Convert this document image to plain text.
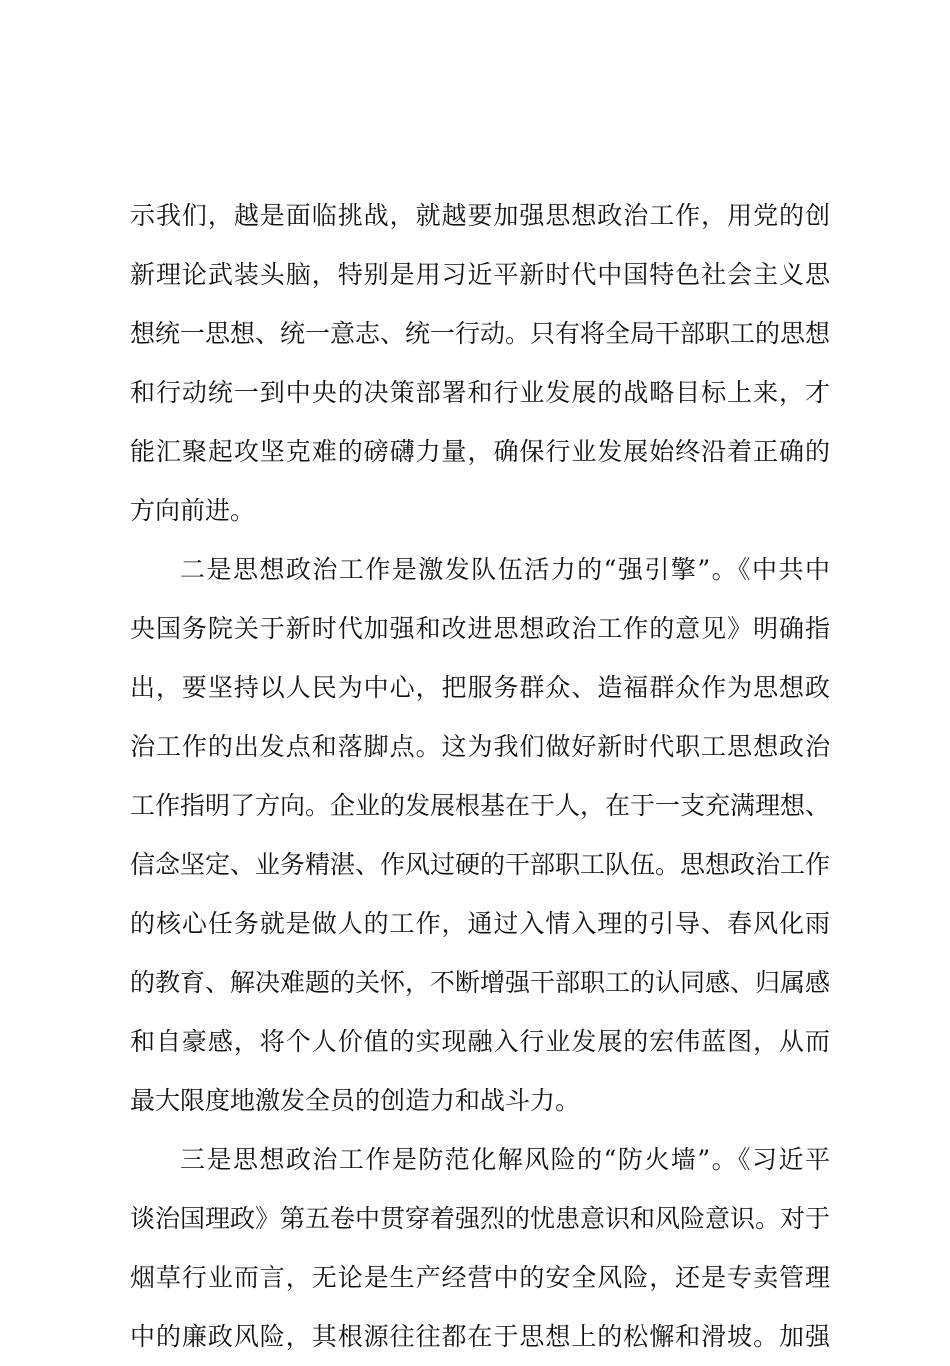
示我们，越是面临挑战，就越要加强思想政治工作，用党的创
新理论武装头脑，特别是用习近平新时代中国特色社会主义思
想统一思想、统一意志、统一行动。只有将全局干部职工的思想
和行动统一到中央的决策部署和行业发展的战略目标上来，才
能汇聚起攻坚克难的磅礴力量，确保行业发展始终沿着正确的
方向前进。
二是思想政治工作是激发队伍活力的“强引擎”。《中共中
央国务院关于新时代加强和改进思想政治工作的意见》明确指
出，要坚持以人民为中心，把服务群众、造福群众作为思想政
治工作的出发点和落脚点。这为我们做好新时代职工思想政治
工作指明了方向。企业的发展根基在于人，在于一支充满理想、
信念坚定、业务精湛、作风过硬的干部职工队伍。思想政治工作
的核心任务就是做人的工作，通过入情入理的引导、春风化雨
的教育、解决难题的关怀，不断增强干部职工的认同感、归属感
和自豪感，将个人价值的实现融入行业发展的宏伟蓝图，从而
最大限度地激发全员的创造力和战斗力。
三是思想政治工作是防范化解风险的“防火墙”。《习近平
谈治国理政》第五卷中贯穿着强烈的忧患意识和风险意识。对于
烟草行业而言，无论是生产经营中的安全风险，还是专卖管理
中的廉政风险，其根源往往都在于思想上的松懈和滑坡。加强
